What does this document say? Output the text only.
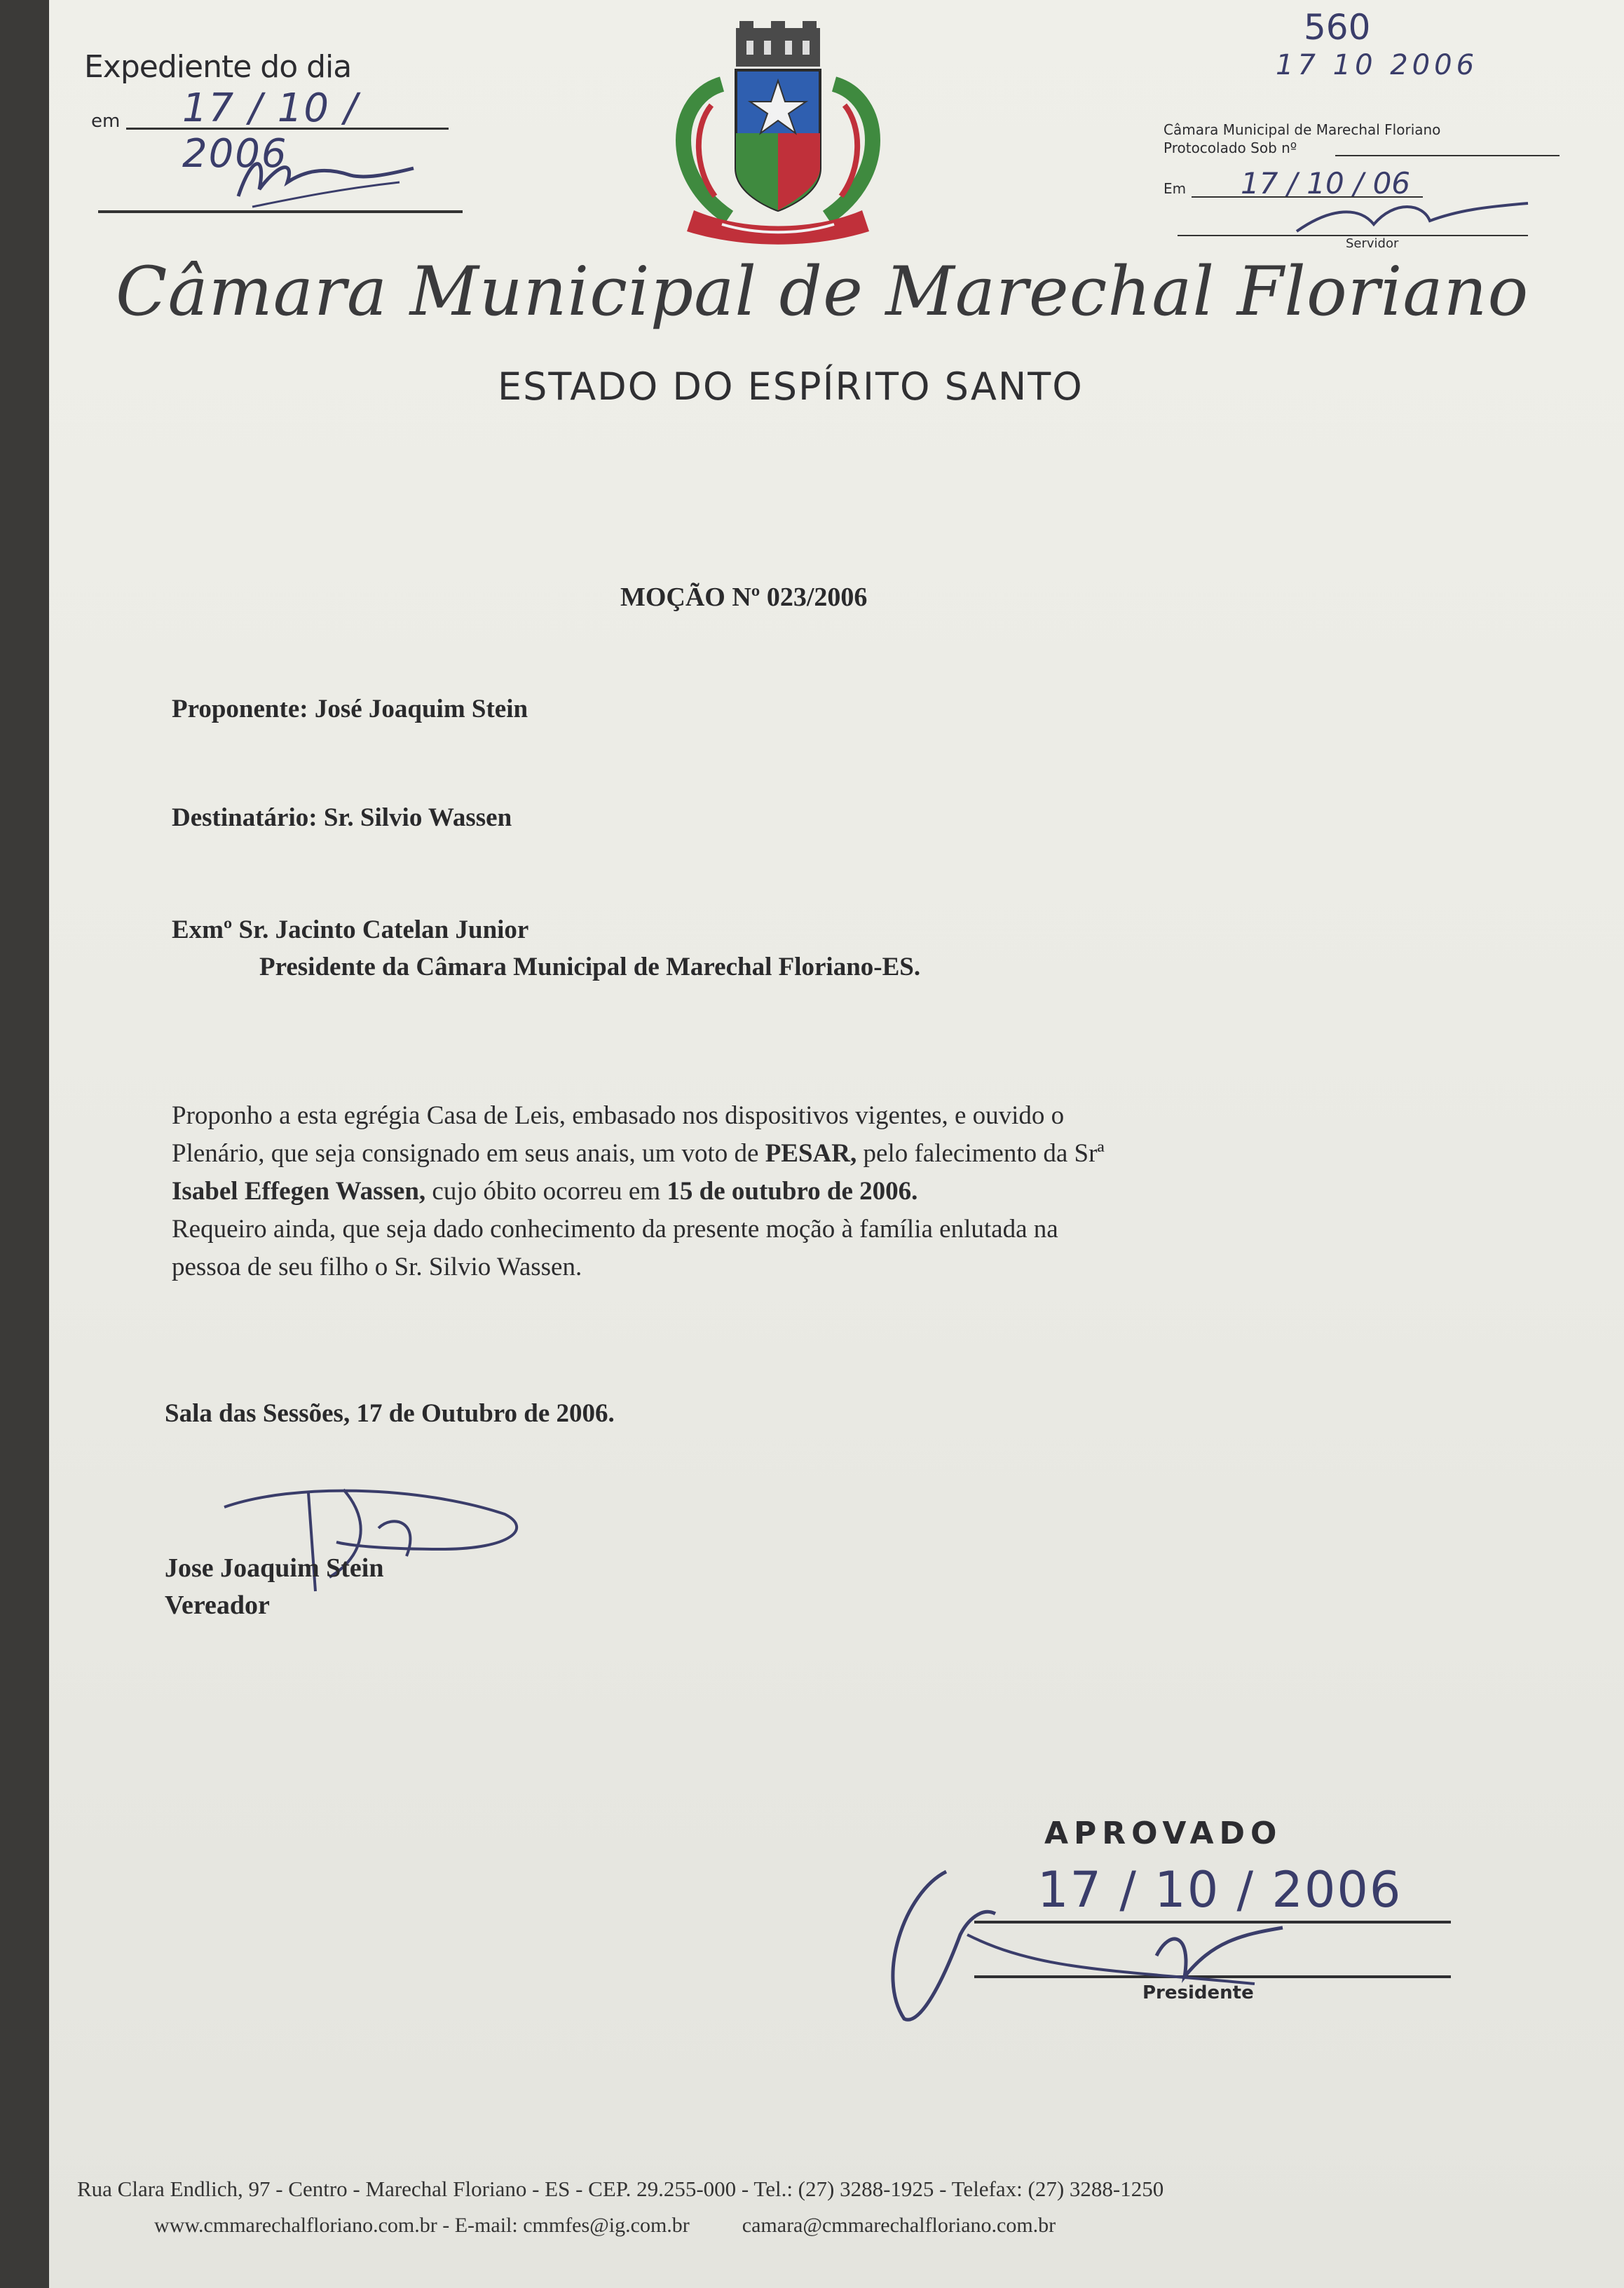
Expediente do dia
em 17 / 10 / 2006
560
17 10 2006
Câmara Municipal de Marechal Floriano
Protocolado Sob nº
Em 17 / 10 / 06
Servidor
Câmara Municipal de Marechal Floriano
ESTADO DO ESPÍRITO SANTO
MOÇÃO Nº 023/2006
Proponente: José Joaquim Stein
Destinatário: Sr. Silvio Wassen
Exmº Sr. Jacinto Catelan Junior
Presidente da Câmara Municipal de Marechal Floriano-ES.
Proponho a esta egrégia Casa de Leis, embasado nos dispositivos vigentes, e ouvido o
Plenário, que seja consignado em seus anais, um voto de PESAR, pelo falecimento da Srª
Isabel Effegen Wassen, cujo óbito ocorreu em 15 de outubro de 2006.
Requeiro ainda, que seja dado conhecimento da presente moção à família enlutada na
pessoa de seu filho o Sr. Silvio Wassen.
Sala das Sessões, 17 de Outubro de 2006.
Jose Joaquim Stein
Vereador
APROVADO
17 / 10 / 2006
Presidente
Rua Clara Endlich, 97 - Centro - Marechal Floriano - ES - CEP. 29.255-000 - Tel.: (27) 3288-1925 - Telefax: (27) 3288-1250
www.cmmarechalfloriano.com.br - E-mail: cmmfes@ig.com.br	camara@cmmarechalfloriano.com.br
